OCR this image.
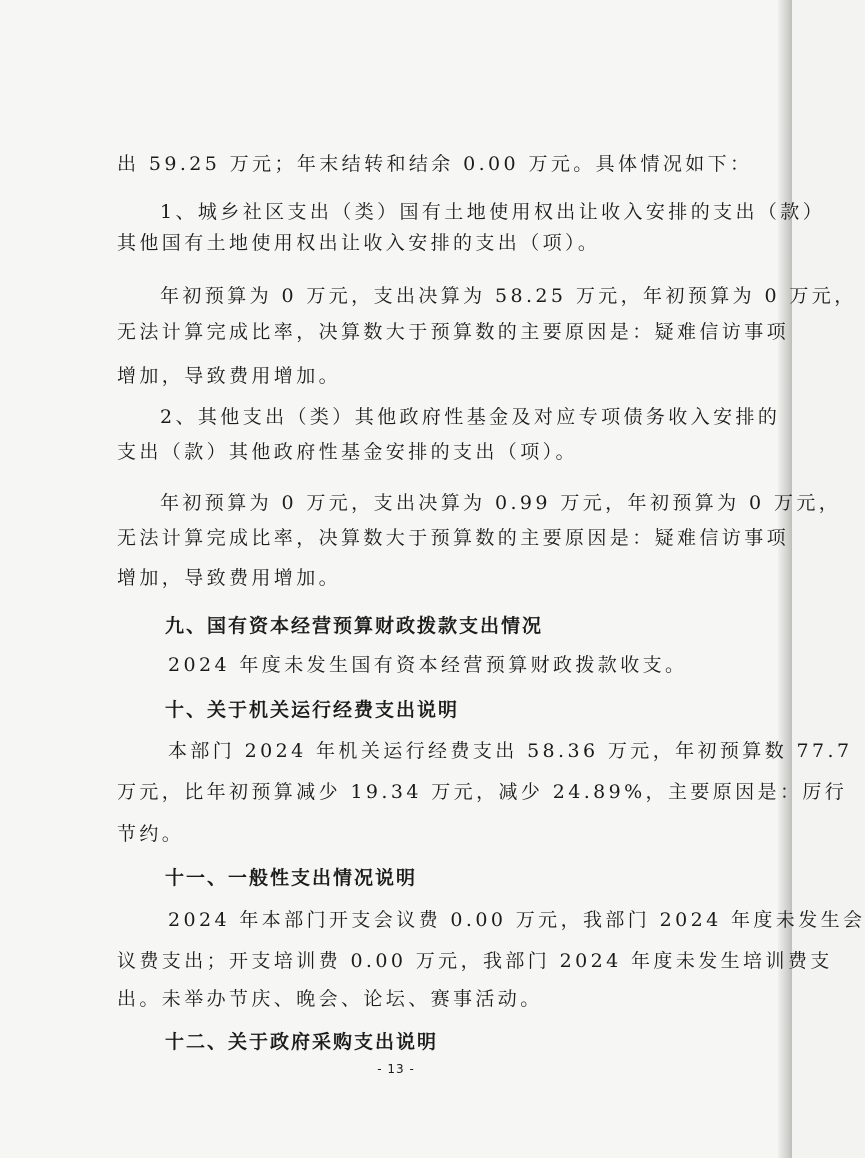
出 59.25 万元；年末结转和结余 0.00 万元。具体情况如下：
1、城乡社区支出（类）国有土地使用权出让收入安排的支出（款）
其他国有土地使用权出让收入安排的支出（项）。
年初预算为 0 万元，支出决算为 58.25 万元，年初预算为 0 万元，
无法计算完成比率，决算数大于预算数的主要原因是：疑难信访事项
增加，导致费用增加。
2、其他支出（类）其他政府性基金及对应专项债务收入安排的
支出（款）其他政府性基金安排的支出（项）。
年初预算为 0 万元，支出决算为 0.99 万元，年初预算为 0 万元，
无法计算完成比率，决算数大于预算数的主要原因是：疑难信访事项
增加，导致费用增加。
九、国有资本经营预算财政拨款支出情况
2024 年度未发生国有资本经营预算财政拨款收支。
十、关于机关运行经费支出说明
本部门 2024 年机关运行经费支出 58.36 万元，年初预算数 77.7
万元，比年初预算减少 19.34 万元，减少 24.89%，主要原因是：厉行
节约。
十一、一般性支出情况说明
2024 年本部门开支会议费 0.00 万元，我部门 2024 年度未发生会
议费支出；开支培训费 0.00 万元，我部门 2024 年度未发生培训费支
出。未举办节庆、晚会、论坛、赛事活动。
十二、关于政府采购支出说明
- 13 -
